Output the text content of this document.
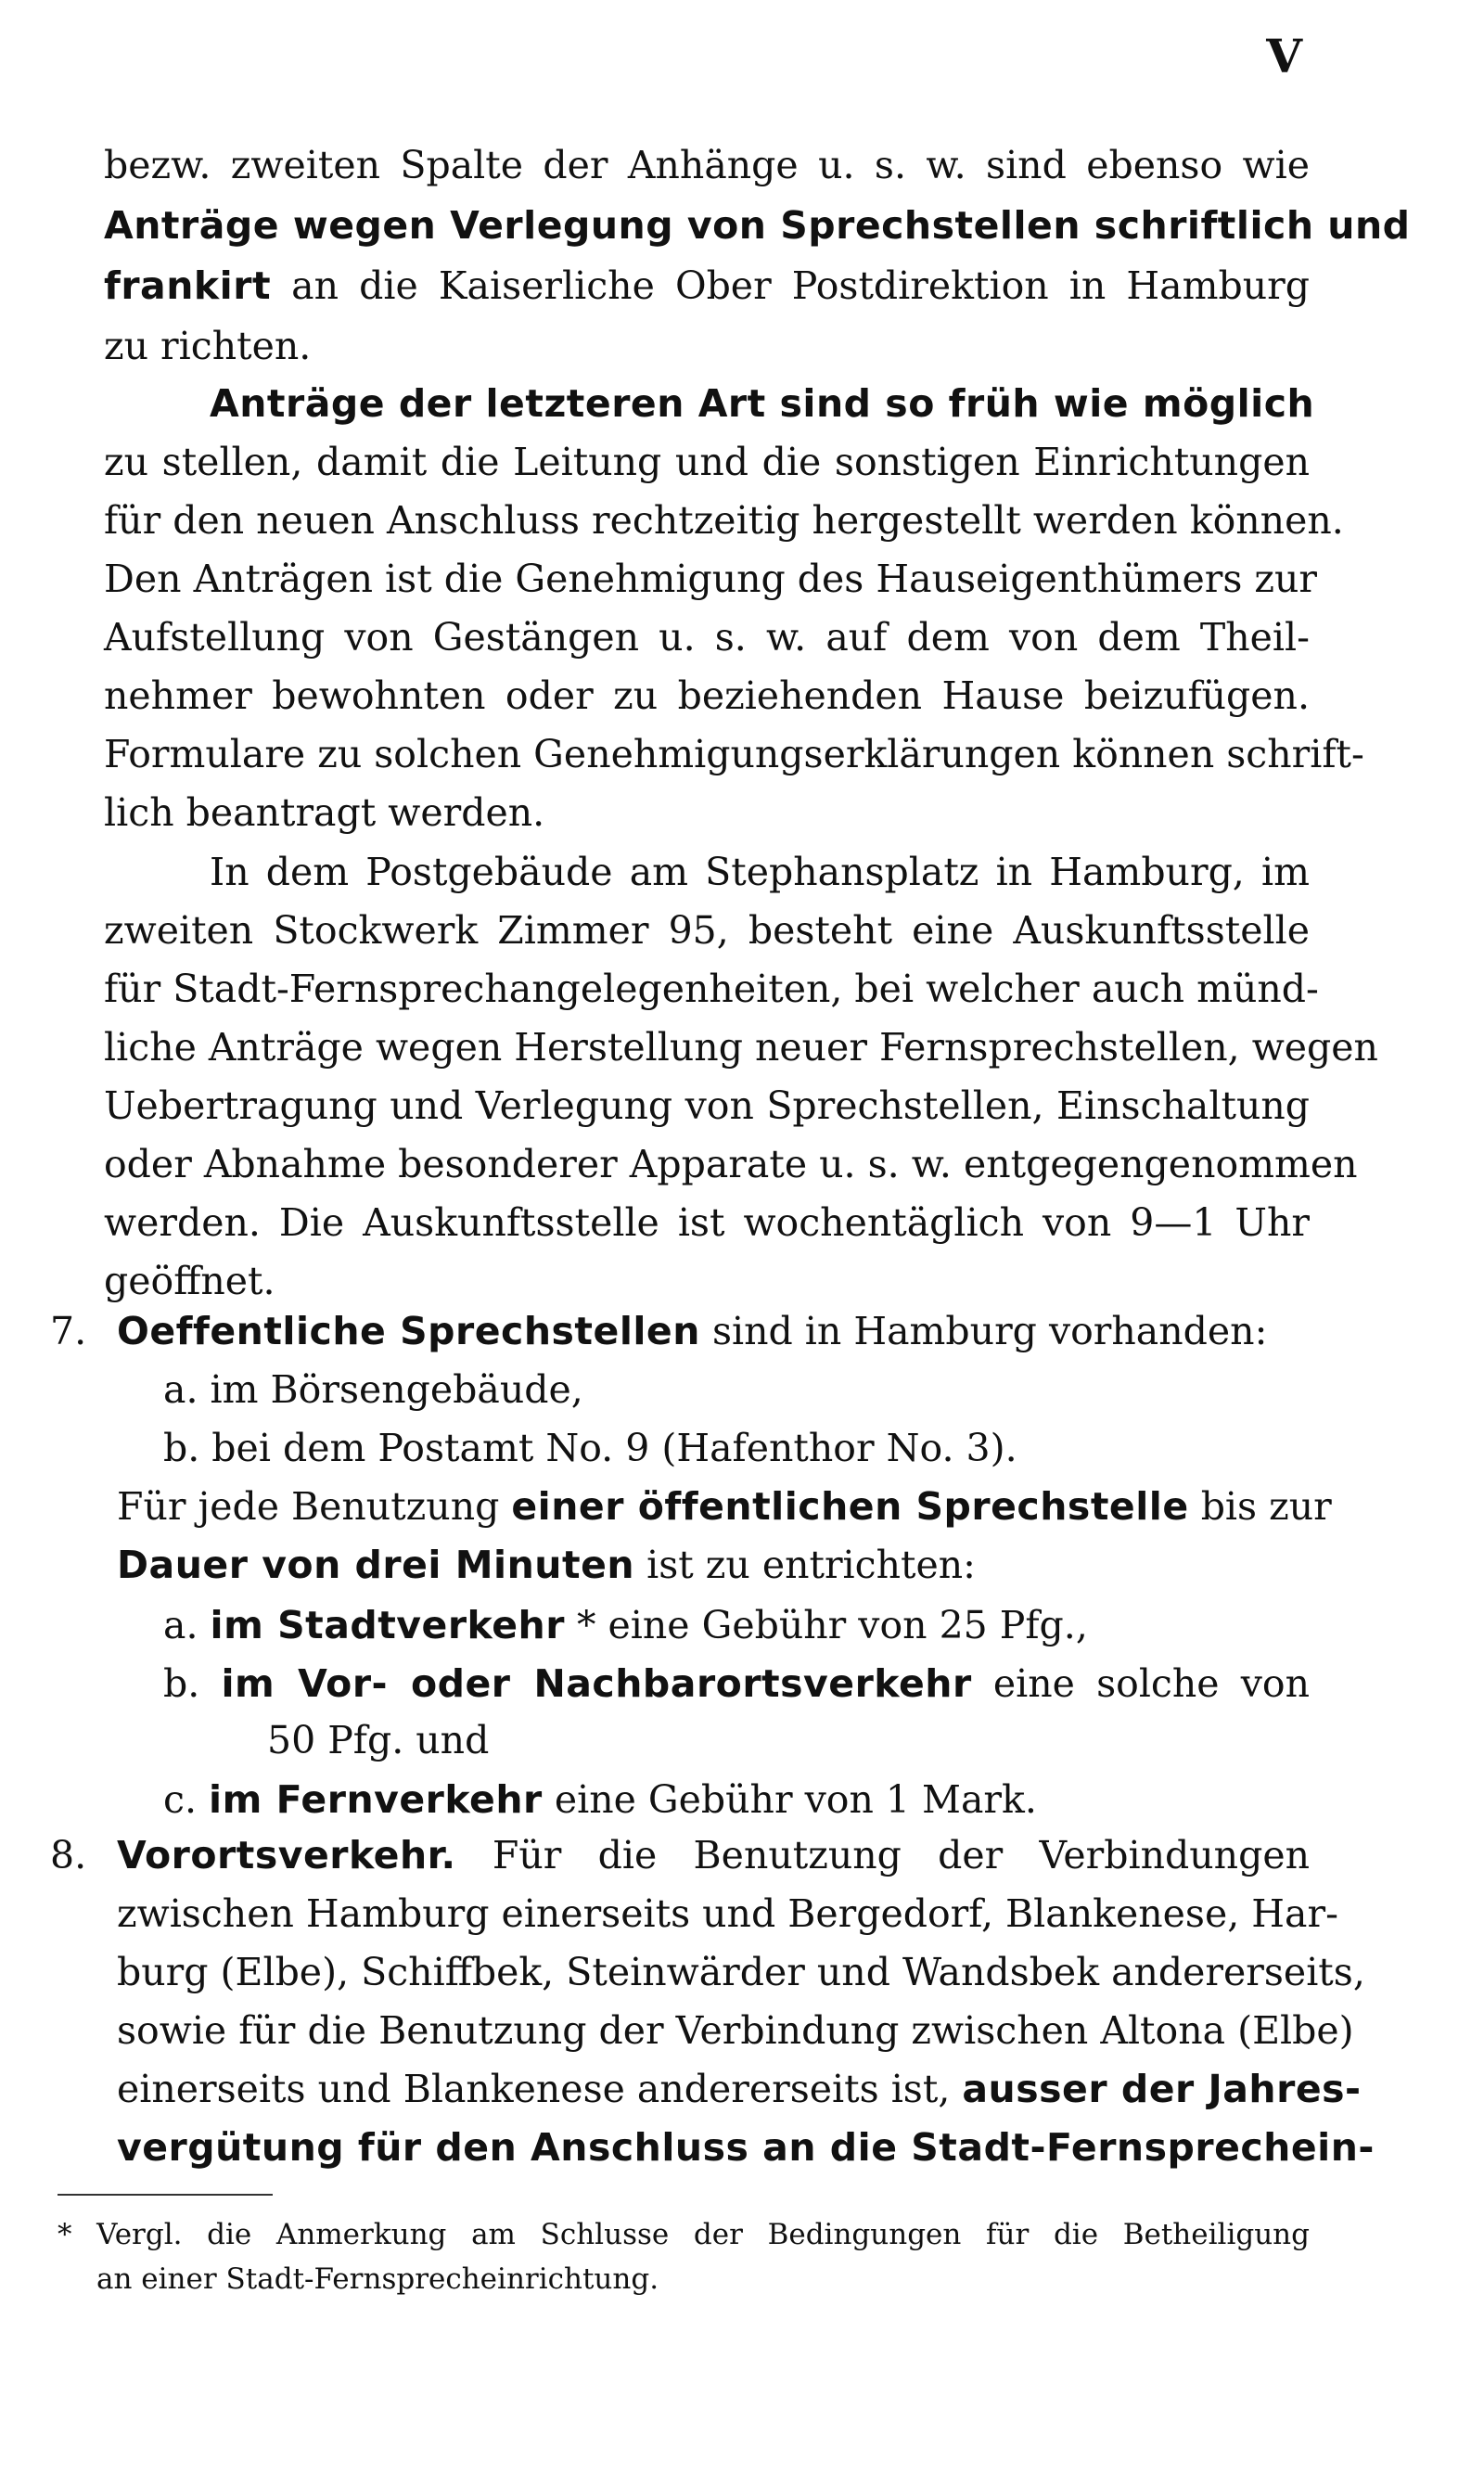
V
bezw. zweiten Spalte der Anhänge u. s. w. sind ebenso wie
Anträge wegen Verlegung von Sprechstellen schriftlich und
frankirt an die Kaiserliche Ober Postdirektion in Hamburg
zu richten.
Anträge der letzteren Art sind so früh wie möglich
zu stellen, damit die Leitung und die sonstigen Einrichtungen
für den neuen Anschluss rechtzeitig hergestellt werden können.
Den Anträgen ist die Genehmigung des Hauseigenthümers zur
Aufstellung von Gestängen u. s. w. auf dem von dem Theil-
nehmer bewohnten oder zu beziehenden Hause beizufügen.
Formulare zu solchen Genehmigungserklärungen können schrift-
lich beantragt werden.
In dem Postgebäude am Stephansplatz in Hamburg, im
zweiten Stockwerk Zimmer 95, besteht eine Auskunftsstelle
für Stadt-Fernsprechangelegenheiten, bei welcher auch münd-
liche Anträge wegen Herstellung neuer Fernsprechstellen, wegen
Uebertragung und Verlegung von Sprechstellen, Einschaltung
oder Abnahme besonderer Apparate u. s. w. entgegengenommen
werden. Die Auskunftsstelle ist wochentäglich von 9—1 Uhr
geöffnet.
7. Oeffentliche Sprechstellen sind in Hamburg vorhanden:
a. im Börsengebäude,
b. bei dem Postamt No. 9 (Hafenthor No. 3).
Für jede Benutzung einer öffentlichen Sprechstelle bis zur
Dauer von drei Minuten ist zu entrichten:
a. im Stadtverkehr * eine Gebühr von 25 Pfg.,
b. im Vor- oder Nachbarortsverkehr eine solche von
50 Pfg. und
c. im Fernverkehr eine Gebühr von 1 Mark.
8. Vorortsverkehr. Für die Benutzung der Verbindungen
zwischen Hamburg einerseits und Bergedorf, Blankenese, Har-
burg (Elbe), Schiffbek, Steinwärder und Wandsbek andererseits,
sowie für die Benutzung der Verbindung zwischen Altona (Elbe)
einerseits und Blankenese andererseits ist, ausser der Jahres-
vergütung für den Anschluss an die Stadt-Fernsprechein-
* Vergl. die Anmerkung am Schlusse der Bedingungen für die Betheiligung
an einer Stadt-Fernsprecheinrichtung.
